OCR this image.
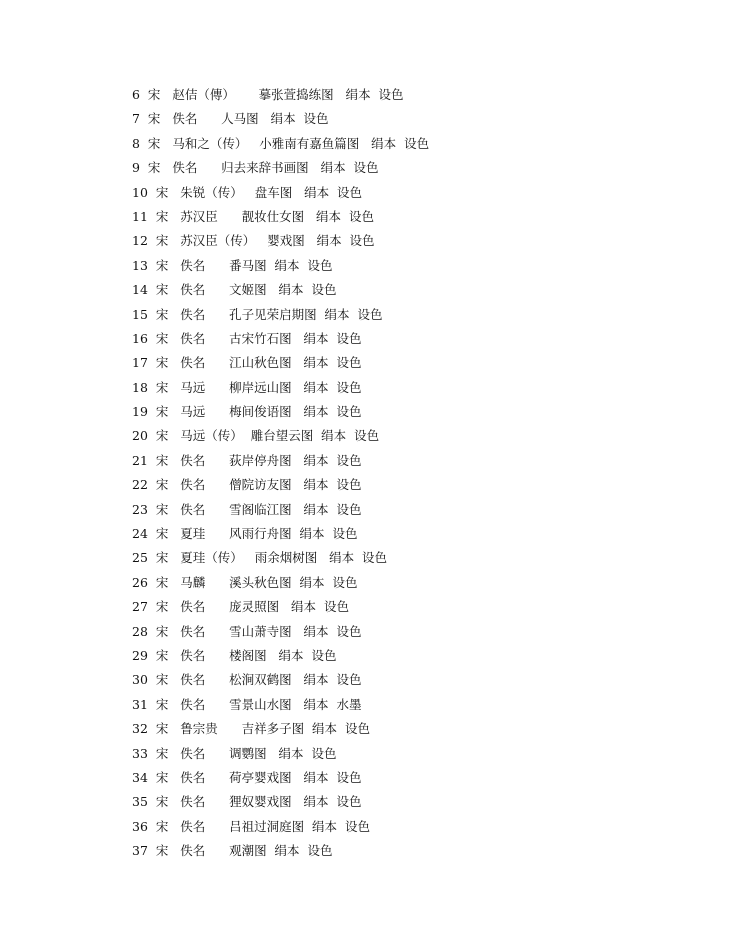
6  宋   赵佶（傳）      摹张萱捣练图   绢本  设色
7  宋   佚名      人马图   绢本  设色
8  宋   马和之（传）   小雅南有嘉鱼篇图   绢本  设色
9  宋   佚名      归去来辞书画图   绢本  设色
10  宋   朱锐（传）   盘车图   绢本  设色
11  宋   苏汉臣      靓妆仕女图   绢本  设色
12  宋   苏汉臣（传）   婴戏图   绢本  设色
13  宋   佚名      番马图  绢本  设色
14  宋   佚名      文姬图   绢本  设色
15  宋   佚名      孔子见荣启期图  绢本  设色
16  宋   佚名      古宋竹石图   绢本  设色
17  宋   佚名      江山秋色图   绢本  设色
18  宋   马远      柳岸远山图   绢本  设色
19  宋   马远      梅间俊语图   绢本  设色
20  宋   马远（传）  雕台望云图  绢本  设色
21  宋   佚名      荻岸停舟图   绢本  设色
22  宋   佚名      僧院访友图   绢本  设色
23  宋   佚名      雪阁临江图   绢本  设色
24  宋   夏珪      风雨行舟图  绢本  设色
25  宋   夏珪（传）   雨余烟树图   绢本  设色
26  宋   马麟      溪头秋色图  绢本  设色
27  宋   佚名      庞灵照图   绢本  设色
28  宋   佚名      雪山萧寺图   绢本  设色
29  宋   佚名      楼阁图   绢本  设色
30  宋   佚名      松涧双鹤图   绢本  设色
31  宋   佚名      雪景山水图   绢本  水墨
32  宋   鲁宗贵      吉祥多子图  绢本  设色
33  宋   佚名      调鹦图   绢本  设色
34  宋   佚名      荷亭婴戏图   绢本  设色
35  宋   佚名      狸奴婴戏图   绢本  设色
36  宋   佚名      吕祖过洞庭图  绢本  设色
37  宋   佚名      观潮图  绢本  设色
